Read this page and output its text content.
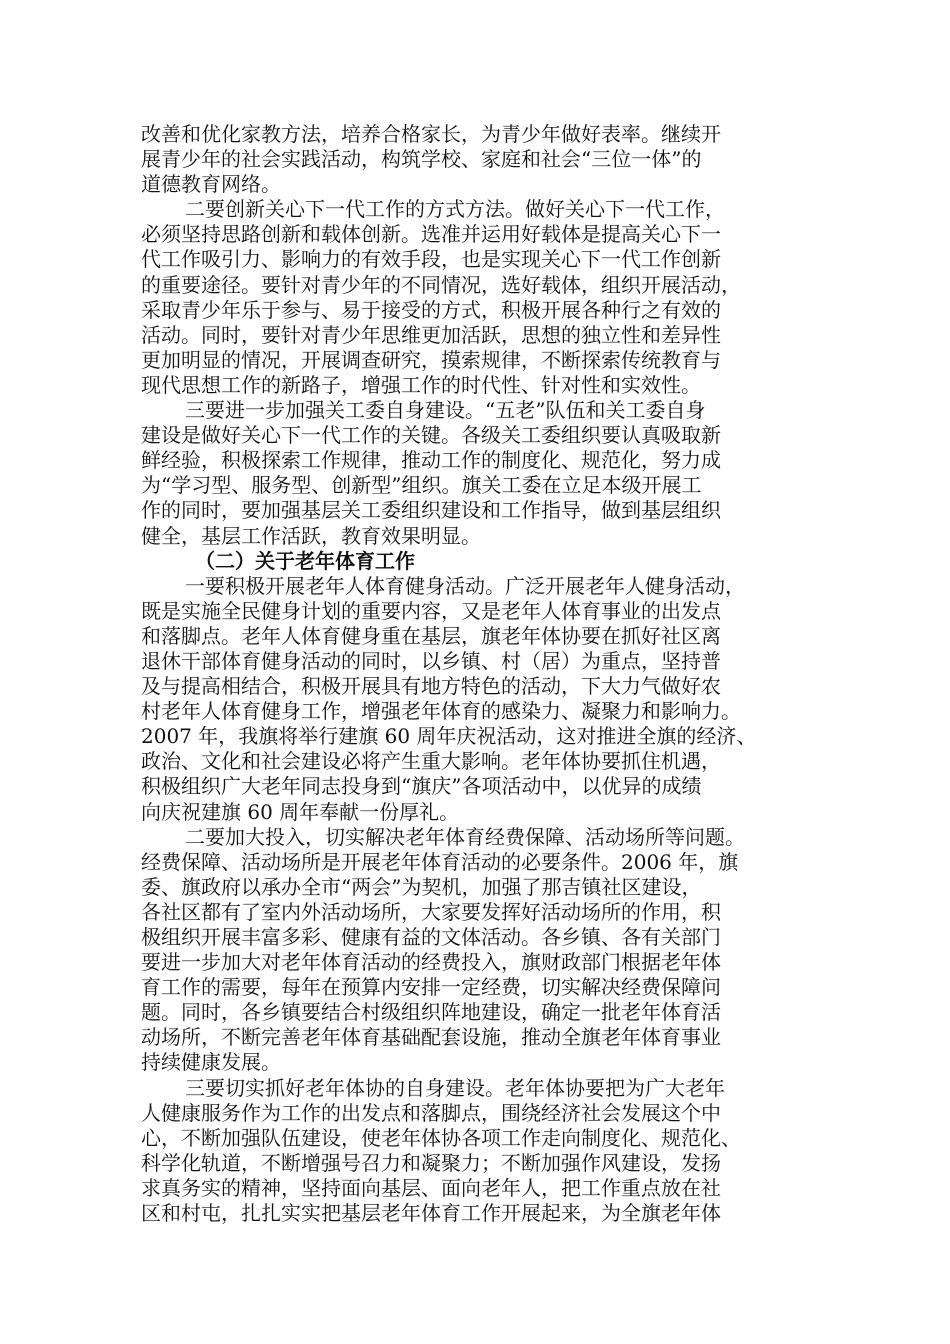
改善和优化家教方法，培养合格家长，为青少年做好表率。继续开
展青少年的社会实践活动，构筑学校、家庭和社会“三位一体”的
道德教育网络。
二要创新关心下一代工作的方式方法。做好关心下一代工作，
必须坚持思路创新和载体创新。选准并运用好载体是提高关心下一
代工作吸引力、影响力的有效手段，也是实现关心下一代工作创新
的重要途径。要针对青少年的不同情况，选好载体，组织开展活动，
采取青少年乐于参与、易于接受的方式，积极开展各种行之有效的
活动。同时，要针对青少年思维更加活跃，思想的独立性和差异性
更加明显的情况，开展调查研究，摸索规律，不断探索传统教育与
现代思想工作的新路子，增强工作的时代性、针对性和实效性。
三要进一步加强关工委自身建设。“五老”队伍和关工委自身
建设是做好关心下一代工作的关键。各级关工委组织要认真吸取新
鲜经验，积极探索工作规律，推动工作的制度化、规范化，努力成
为“学习型、服务型、创新型”组织。旗关工委在立足本级开展工
作的同时，要加强基层关工委组织建设和工作指导，做到基层组织
健全，基层工作活跃，教育效果明显。
（二）关于老年体育工作
一要积极开展老年人体育健身活动。广泛开展老年人健身活动，
既是实施全民健身计划的重要内容，又是老年人体育事业的出发点
和落脚点。老年人体育健身重在基层，旗老年体协要在抓好社区离
退休干部体育健身活动的同时，以乡镇、村（居）为重点，坚持普
及与提高相结合，积极开展具有地方特色的活动，下大力气做好农
村老年人体育健身工作，增强老年体育的感染力、凝聚力和影响力。
2007 年，我旗将举行建旗 60 周年庆祝活动，这对推进全旗的经济、
政治、文化和社会建设必将产生重大影响。老年体协要抓住机遇，
积极组织广大老年同志投身到“旗庆”各项活动中，以优异的成绩
向庆祝建旗 60 周年奉献一份厚礼。
二要加大投入，切实解决老年体育经费保障、活动场所等问题。
经费保障、活动场所是开展老年体育活动的必要条件。2006 年，旗
委、旗政府以承办全市“两会”为契机，加强了那吉镇社区建设，
各社区都有了室内外活动场所，大家要发挥好活动场所的作用，积
极组织开展丰富多彩、健康有益的文体活动。各乡镇、各有关部门
要进一步加大对老年体育活动的经费投入，旗财政部门根据老年体
育工作的需要，每年在预算内安排一定经费，切实解决经费保障问
题。同时，各乡镇要结合村级组织阵地建设，确定一批老年体育活
动场所，不断完善老年体育基础配套设施，推动全旗老年体育事业
持续健康发展。
三要切实抓好老年体协的自身建设。老年体协要把为广大老年
人健康服务作为工作的出发点和落脚点，围绕经济社会发展这个中
心，不断加强队伍建设，使老年体协各项工作走向制度化、规范化、
科学化轨道，不断增强号召力和凝聚力；不断加强作风建设，发扬
求真务实的精神，坚持面向基层、面向老年人，把工作重点放在社
区和村屯，扎扎实实把基层老年体育工作开展起来，为全旗老年体
